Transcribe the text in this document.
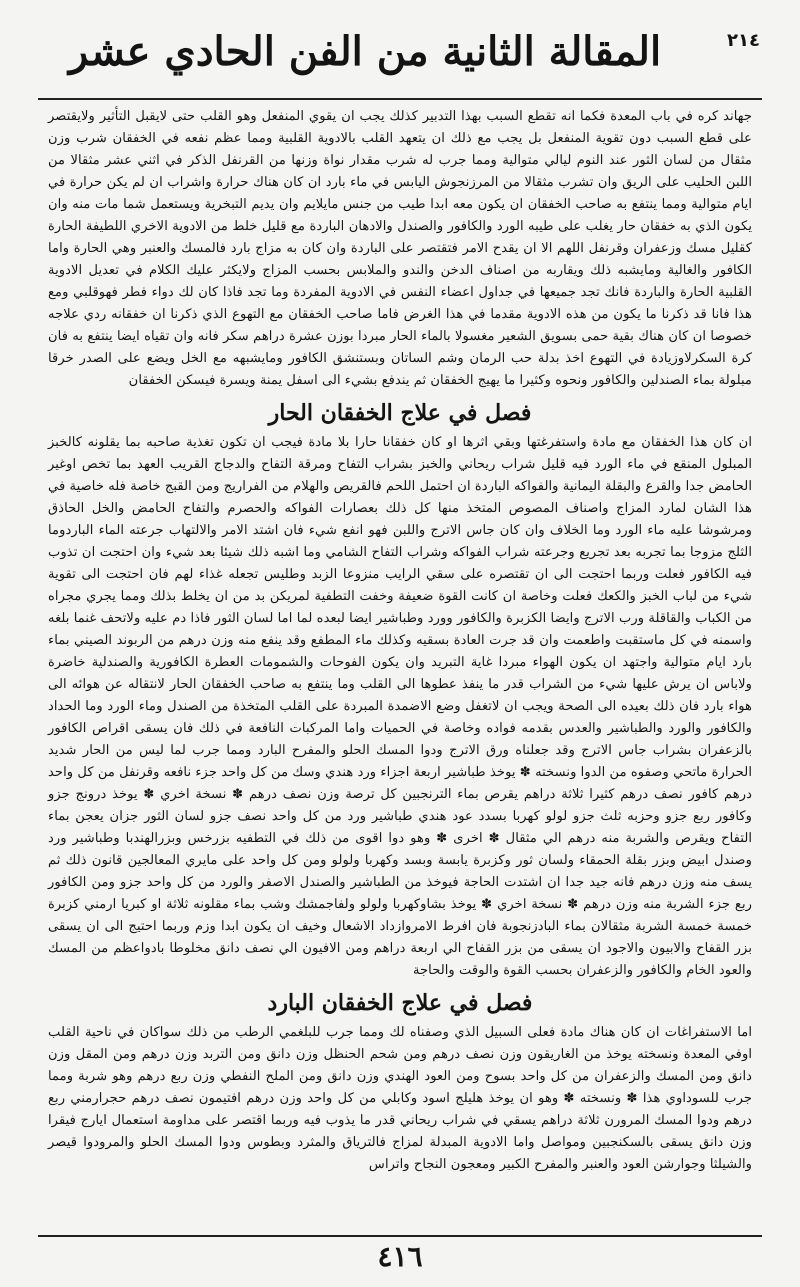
٢١٤
المقالة الثانية من الفن الحادي عشر

جهاند كره في باب المعدة فكما انه تقطع السبب بهذا التدبير كذلك يجب ان يقوي المنفعل وهو القلب حتى لايقبل التأثير ولايقتصر على قطع السبب دون تقوية المنفعل بل يجب مع ذلك ان يتعهد القلب بالادوية القلبية ومما عظم نفعه في الخفقان شرب وزن مثقال من لسان الثور عند النوم ليالي متوالية ومما جرب له شرب مقدار نواة وزنها من القرنفل الذكر في اثني عشر مثقالا من اللبن الحليب على الريق وان تشرب مثقالا من المرزنجوش اليابس في ماء بارد ان كان هناك حرارة واشراب ان لم يكن حرارة في ايام متوالية ومما ينتفع به صاحب الخفقان ان يكون معه ابدا طيب من جنس مايلايم وان يديم التبخرية ويستعمل شما مات منه وان يكون الذي به خفقان حار يغلب على طيبه الورد والكافور والصندل والادهان الباردة مع قليل خلط من الادوية الاخري اللطيفة الحارة كقليل مسك وزعفران وقرنفل اللهم الا ان يقدح الامر فتقتصر على الباردة وان كان به مزاج بارد فالمسك والعنبر وهي الحارة واما الكافور والغالية ومايشبه ذلك ويقاربه من اصناف الدخن والندو والملابس بحسب المزاج ولايكثر عليك الكلام في تعديل الادوية القلبية الحارة والباردة فانك تجد جميعها في جداول اعضاء النفس في الادوية المفردة وما تجد فاذا كان لك دواء فطر فهوقلبي ومع هذا فانا قد ذكرنا ما يكون من هذه الادوية مقدما في هذا الغرض فاما صاحب الخفقان مع التهوع الذي ذكرنا ان خفقانه ردي علاجه خصوصا ان كان هناك بقية حمى بسويق الشعير مغسولا بالماء الحار مبردا بوزن عشرة دراهم سكر فانه وان تقياه ايضا ينتفع به فان كرة السكرلاوزيادة في التهوع اخذ بدلة حب الرمان وشم الساتان وبستنشق الكافور ومايشبهه مع الخل ويضع على الصدر خرقا مبلولة بماء الصندلين والكافور ونحوه وكثيرا ما يهيج الخفقان ثم يندفع بشيء الى اسفل يمنة ويسرة فيسكن الخفقان

فصل في علاج الخفقان الحار

ان كان هذا الخفقان مع مادة واستفرغتها وبقي اثرها او كان خفقانا حارا بلا مادة فيجب ان تكون تغذية صاحبه بما يقلونه كالخبز المبلول المنقع في ماء الورد فيه قليل شراب ريحاني والخبز بشراب التفاح ومرقة التفاح والدجاج القريب العهد بما تخص اوغير الحامض جدا والقرع والبقلة اليمانية والفواكه الباردة ان احتمل اللحم فالقريص والهلام من الفراريج ومن القبج خاصة فله خاصية في هذا الشان لمارد المزاج واصناف المصوص المتخذ منها كل ذلك بعصارات الفواكه والحصرم والتفاح الحامض والخل الحاذق ومرشوشا عليه ماء الورد وما الخلاف وان كان جاس الاترج واللبن فهو انفع شيء فان اشتد الامر والالتهاب جرعته الماء الباردوما الثلج مزوجا بما تجربه بعد تجريع وجرعته شراب الفواكه وشراب التفاح الشامي وما اشبه ذلك شيئا بعد شيء وان احتجت ان تذوب فيه الكافور فعلت وربما احتجت الى ان تقتصره على سقي الرايب منزوعا الزبد وطليس تجعله غذاء لهم فان احتجت الى تقوية شيء من لباب الخبز والكعك فعلت وخاصة ان كانت القوة ضعيفة وخفت التطفية لمريكن بد من ان يخلط بذلك ومما يجري مجراه من الكباب والقاقلة ورب الاترج وايضا الكزبرة والكافور وورد وطباشير ايضا لبعده لما اما لسان الثور فاذا دم عليه ولاتحف غنما بلغه واسمنه في كل ماستقبت واطعمت وان قد جرت العادة بسقيه وكذلك ماء المطفع وقد ينفع منه وزن درهم من الربوند الصيني بماء بارد ايام متوالية واجتهد ان يكون الهواء مبردا غاية التبريد وان يكون الفوحات والشمومات العطرة الكافورية والصندلية خاضرة ولاباس ان يرش عليها شيء من الشراب قدر ما ينفذ عطوها الى القلب وما ينتفع به صاحب الخفقان الحار لانتقاله عن هوائه الى هواء بارد فان ذلك بعيده الى الصحة ويجب ان لاتغفل وضع الاضمدة المبردة على القلب المتخذة من الصندل وماء الورد وما الحداد والكافور والورد والطباشير والعدس بقدمه فواده وخاصة في الحميات واما المركبات النافعة في ذلك فان يسقى اقراص الكافور بالزعفران بشراب جاس الاترج وقد جعلناه ورق الاترج ودوا المسك الحلو والمفرح البارد ومما جرب لما ليس من الحار شديد الحرارة ماتحي وصفوه من الدوا ونسخته ✽ يوخذ طباشير اربعة اجزاء ورد هندي وسك من كل واحد جزء نافعه وقرنفل من كل واحد درهم كافور نصف درهم كثيرا ثلاثة دراهم يقرص بماء الترنجبين كل ترصة وزن نصف درهم ✽ نسخة اخري ✽ يوخذ درونج جزو وكافور ربع جزو وحزبه ثلث جزو لولو كهربا بسدد عود هندي طباشير ورد من كل واحد نصف جزو لسان الثور جزان يعجن بماء التفاح ويقرص والشربة منه درهم الي مثقال ✽ اخرى ✽ وهو دوا اقوى من ذلك في التطفيه بزرخس وبزرالهندبا وطباشير ورد وصندل ابيض وبزر بقلة الحمقاء ولسان ثور وكزبرة يابسة وبسد وكهربا ولولو ومن كل واحد على مايري المعالجين قانون ذلك ثم يسف منه وزن درهم فانه جيد جدا ان اشتدت الحاجة فيوخذ من الطباشير والصندل الاصفر والورد من كل واحد جزو ومن الكافور ربع جزء الشربة منه وزن درهم ✽ نسخة اخري ✽ يوخذ بشاوكهربا ولولو ولفاجمشك وشب بماء مقلونه ثلاثة او كبريا ارمني كزبرة خمسة خمسة الشربة مثقالان بماء البادزنجوبة فان افرط الامروازداد الاشعال وخيف ان يكون ابدا وزم وربما احتيج الى ان يسقى بزر القفاح والابيون والاجود ان يسقى من بزر القفاح الي اربعة دراهم ومن الافيون الي نصف دانق مخلوطا بادواعظم من المسك والعود الخام والكافور والزعفران بحسب القوة والوقت والحاجة

فصل في علاج الخفقان البارد

اما الاستفراغات ان كان هناك مادة فعلى السبيل الذي وصفناه لك ومما جرب للبلغمي الرطب من ذلك سواكان في ناحية القلب اوفي المعدة ونسخته يوخذ من الغاريقون وزن نصف درهم ومن شحم الحنظل وزن دانق ومن التربد وزن درهم ومن المقل وزن دانق ومن المسك والزعفران من كل واحد بسوح ومن العود الهندي وزن دانق ومن الملح النفطي وزن ربع درهم وهو شربة ومما جرب للسوداوي هذا ✽ ونسخته ✽ وهو ان يوخذ هليلج اسود وكابلي من كل واحد وزن درهم افتيمون نصف درهم حجرارمني ربع درهم ودوا المسك المرورن ثلاثة دراهم يسقي في شراب ريحاني قدر ما يذوب فيه وربما اقتصر على مداومة استعمال ايارج فيقرا وزن دانق يسقى بالسكنجبين ومواصل واما الادوية المبدلة لمزاج فالترياق والمثرد وبطوس ودوا المسك الحلو والمرودوا قيصر والشيلثا وجوارشن العود والعنبر والمفرح الكبير ومعجون النجاح واتراس

٤١٦
